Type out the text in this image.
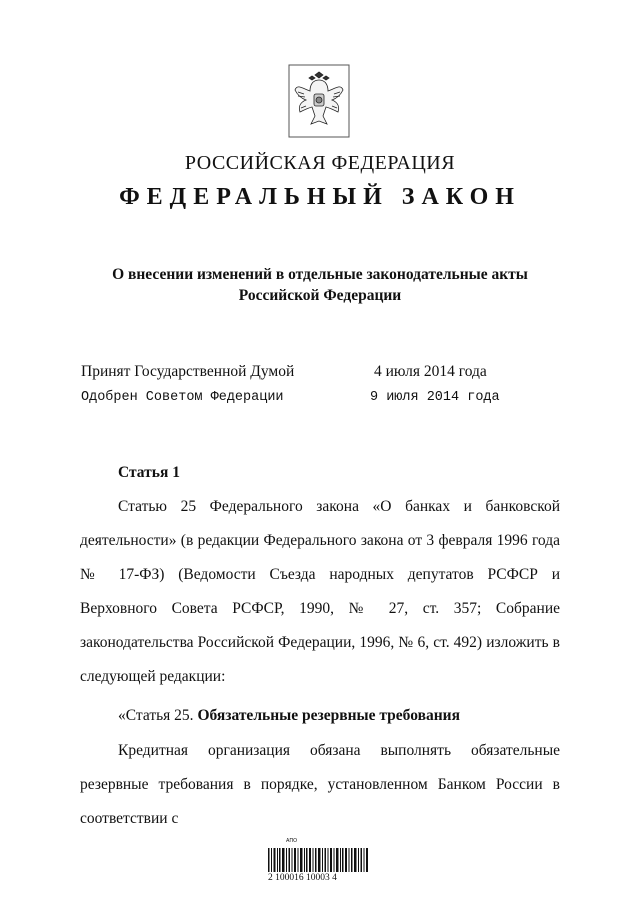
РОССИЙСКАЯ ФЕДЕРАЦИЯ
ФЕДЕРАЛЬНЫЙ ЗАКОН
О внесении изменений в отдельные законодательные акты
Российской Федерации
Принят Государственной Думой	4 июля 2014 года
Одобрен Советом Федерации	9 июля 2014 года
Статья 1

Статью 25 Федерального закона «О банках и банковской деятельности» (в редакции Федерального закона от 3 февраля 1996 года № 17-ФЗ) (Ведомости Съезда народных депутатов РСФСР и Верховного Совета РСФСР, 1990, № 27, ст. 357; Собрание законодательства Российской Федерации, 1996, № 6, ст. 492) изложить в следующей редакции:

«Статья 25. Обязательные резервные требования

Кредитная организация обязана выполнять обязательные резервные требования в порядке, установленном Банком России в соответствии с

АПО
2 100016 10003 4
